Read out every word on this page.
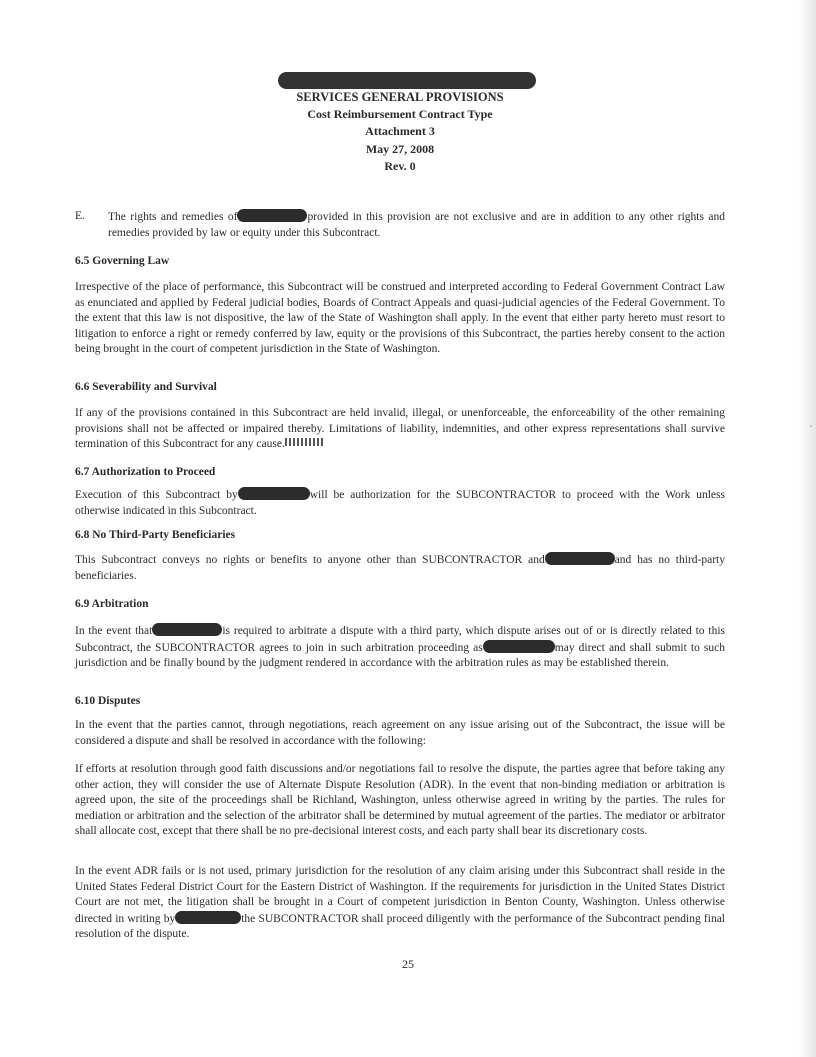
SERVICES GENERAL PROVISIONS
Cost Reimbursement Contract Type
Attachment 3
May 27, 2008
Rev. 0
E. The rights and remedies of	provided in this provision are not exclusive and are in addition to any other rights and remedies provided by law or equity under this Subcontract.

6.5 Governing Law

Irrespective of the place of performance, this Subcontract will be construed and interpreted according to Federal Government Contract Law as enunciated and applied by Federal judicial bodies, Boards of Contract Appeals and quasi-judicial agencies of the Federal Government. To the extent that this law is not dispositive, the law of the State of Washington shall apply. In the event that either party hereto must resort to litigation to enforce a right or remedy conferred by law, equity or the provisions of this Subcontract, the parties hereby consent to the action being brought in the court of competent jurisdiction in the State of Washington.

6.6 Severability and Survival

If any of the provisions contained in this Subcontract are held invalid, illegal, or unenforceable, the enforceability of the other remaining provisions shall not be affected or impaired thereby. Limitations of liability, indemnities, and other express representations shall survive termination of this Subcontract for any cause.

6.7 Authorization to Proceed

Execution of this Subcontract by	will be authorization for the SUBCONTRACTOR to proceed with the Work unless otherwise indicated in this Subcontract.

6.8 No Third-Party Beneficiaries

This Subcontract conveys no rights or benefits to anyone other than SUBCONTRACTOR and	and has no third-party beneficiaries.

6.9 Arbitration

In the event that	is required to arbitrate a dispute with a third party, which dispute arises out of or is directly related to this Subcontract, the SUBCONTRACTOR agrees to join in such arbitration proceeding as	may direct and shall submit to such jurisdiction and be finally bound by the judgment rendered in accordance with the arbitration rules as may be established therein.

6.10 Disputes

In the event that the parties cannot, through negotiations, reach agreement on any issue arising out of the Subcontract, the issue will be considered a dispute and shall be resolved in accordance with the following:

If efforts at resolution through good faith discussions and/or negotiations fail to resolve the dispute, the parties agree that before taking any other action, they will consider the use of Alternate Dispute Resolution (ADR). In the event that non-binding mediation or arbitration is agreed upon, the site of the proceedings shall be Richland, Washington, unless otherwise agreed in writing by the parties. The rules for mediation or arbitration and the selection of the arbitrator shall be determined by mutual agreement of the parties. The mediator or arbitrator shall allocate cost, except that there shall be no pre-decisional interest costs, and each party shall bear its discretionary costs.

In the event ADR fails or is not used, primary jurisdiction for the resolution of any claim arising under this Subcontract shall reside in the United States Federal District Court for the Eastern District of Washington. If the requirements for jurisdiction in the United States District Court are not met, the litigation shall be brought in a Court of competent jurisdiction in Benton County, Washington. Unless otherwise directed in writing by	the SUBCONTRACTOR shall proceed diligently with the performance of the Subcontract pending final resolution of the dispute.

25
